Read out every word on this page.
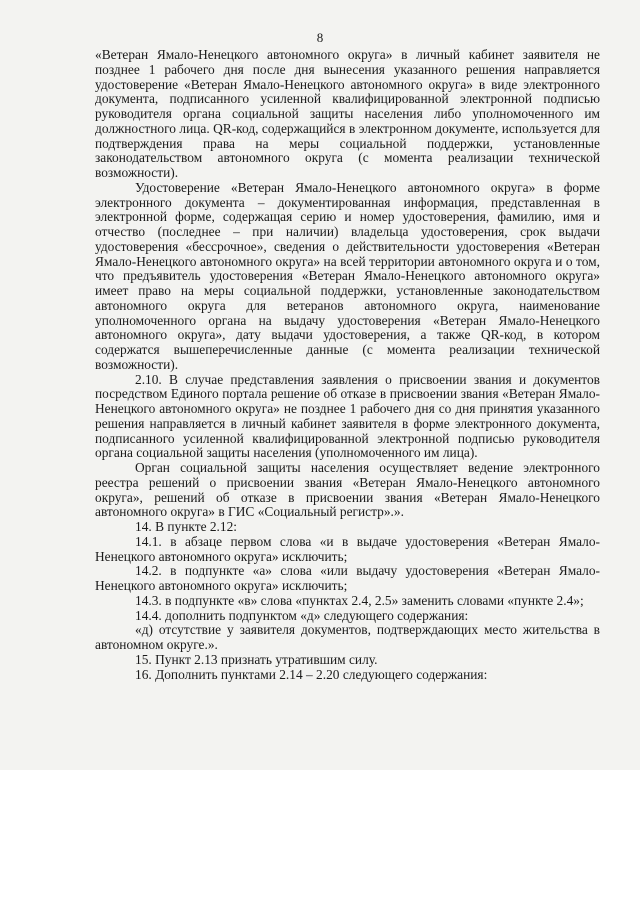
8

«Ветеран Ямало-Ненецкого автономного округа» в личный кабинет заявителя не позднее 1 рабочего дня после дня вынесения указанного решения направляется удостоверение «Ветеран Ямало-Ненецкого автономного округа» в виде электронного документа, подписанного усиленной квалифицированной электронной подписью руководителя органа социальной защиты населения либо уполномоченного им должностного лица. QR-код, содержащийся в электронном документе, используется для подтверждения права на меры социальной поддержки, установленные законодательством автономного округа (с момента реализации технической возможности).

Удостоверение «Ветеран Ямало-Ненецкого автономного округа» в форме электронного документа – документированная информация, представленная в электронной форме, содержащая серию и номер удостоверения, фамилию, имя и отчество (последнее – при наличии) владельца удостоверения, срок выдачи удостоверения «бессрочное», сведения о действительности удостоверения «Ветеран Ямало-Ненецкого автономного округа» на всей территории автономного округа и о том, что предъявитель удостоверения «Ветеран Ямало-Ненецкого автономного округа» имеет право на меры социальной поддержки, установленные законодательством автономного округа для ветеранов автономного округа, наименование уполномоченного органа на выдачу удостоверения «Ветеран Ямало-Ненецкого автономного округа», дату выдачи удостоверения, а также QR-код, в котором содержатся вышеперечисленные данные (с момента реализации технической возможности).

2.10. В случае представления заявления о присвоении звания и документов посредством Единого портала решение об отказе в присвоении звания «Ветеран Ямало-Ненецкого автономного округа» не позднее 1 рабочего дня со дня принятия указанного решения направляется в личный кабинет заявителя в форме электронного документа, подписанного усиленной квалифицированной электронной подписью руководителя органа социальной защиты населения (уполномоченного им лица).

Орган социальной защиты населения осуществляет ведение электронного реестра решений о присвоении звания «Ветеран Ямало-Ненецкого автономного округа», решений об отказе в присвоении звания «Ветеран Ямало-Ненецкого автономного округа» в ГИС «Социальный регистр».».

14. В пункте 2.12:

14.1. в абзаце первом слова «и в выдаче удостоверения «Ветеран Ямало-Ненецкого автономного округа» исключить;

14.2. в подпункте «а» слова «или выдачу удостоверения «Ветеран Ямало-Ненецкого автономного округа» исключить;

14.3. в подпункте «в» слова «пунктах 2.4, 2.5» заменить словами «пункте 2.4»;

14.4. дополнить подпунктом «д» следующего содержания:

«д) отсутствие у заявителя документов, подтверждающих место жительства в автономном округе.».

15. Пункт 2.13 признать утратившим силу.

16. Дополнить пунктами 2.14 – 2.20 следующего содержания:
